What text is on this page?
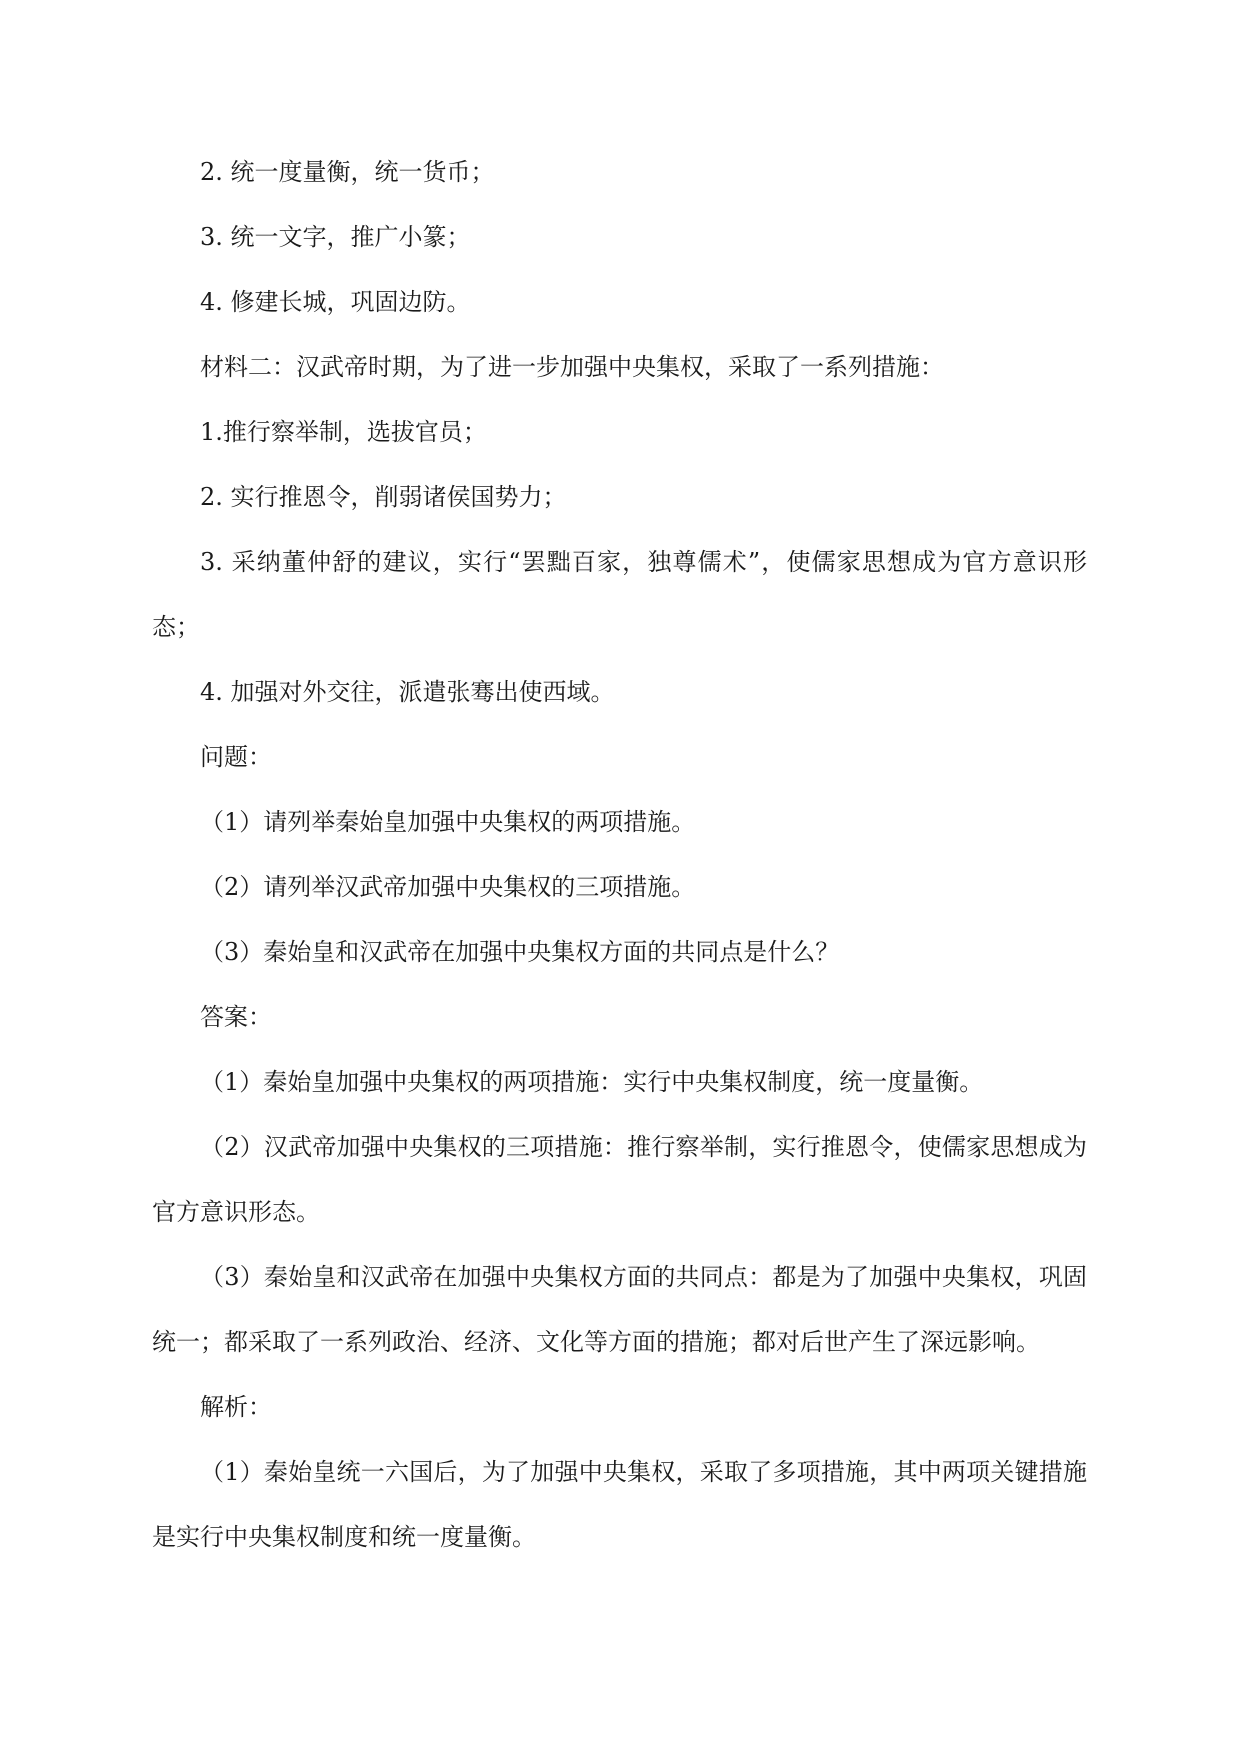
2. 统一度量衡，统一货币；

3. 统一文字，推广小篆；

4. 修建长城，巩固边防。

材料二：汉武帝时期，为了进一步加强中央集权，采取了一系列措施：

1.推行察举制，选拔官员；

2. 实行推恩令，削弱诸侯国势力；

3. 采纳董仲舒的建议，实行“罢黜百家，独尊儒术”，使儒家思想成为官方意识形态；

4. 加强对外交往，派遣张骞出使西域。

问题：

（1）请列举秦始皇加强中央集权的两项措施。

（2）请列举汉武帝加强中央集权的三项措施。

（3）秦始皇和汉武帝在加强中央集权方面的共同点是什么？

答案：

（1）秦始皇加强中央集权的两项措施：实行中央集权制度，统一度量衡。

（2）汉武帝加强中央集权的三项措施：推行察举制，实行推恩令，使儒家思想成为官方意识形态。

（3）秦始皇和汉武帝在加强中央集权方面的共同点：都是为了加强中央集权，巩固统一；都采取了一系列政治、经济、文化等方面的措施；都对后世产生了深远影响。

解析：

（1）秦始皇统一六国后，为了加强中央集权，采取了多项措施，其中两项关键措施是实行中央集权制度和统一度量衡。
